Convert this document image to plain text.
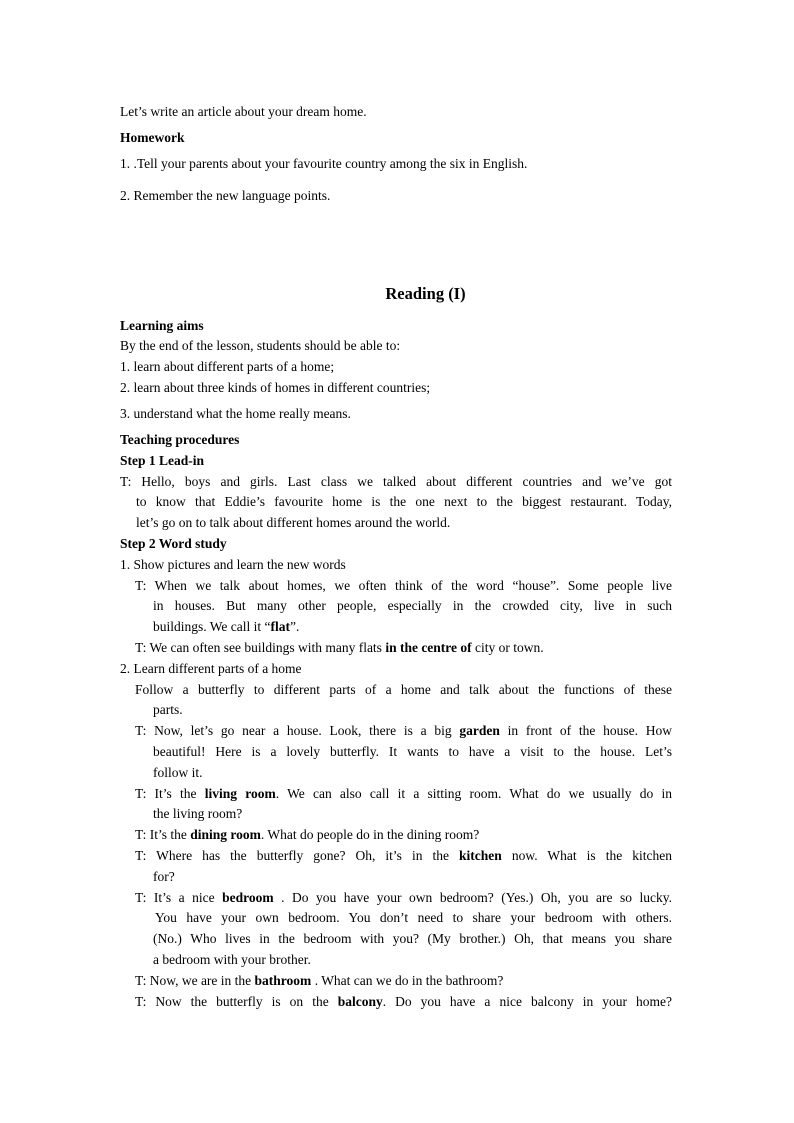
Let’s write an article about your dream home.
Homework
1. .Tell your parents about your favourite country among the six in English.
2. Remember the new language points.
Reading (I)
Learning aims
By the end of the lesson, students should be able to:
1. learn about different parts of a home;
2. learn about three kinds of homes in different countries;
3. understand what the home really means.
Teaching procedures
Step 1 Lead-in
T: Hello, boys and girls. Last class we talked about different countries and we’ve got
to know that Eddie’s favourite home is the one next to the biggest restaurant. Today,
let’s go on to talk about different homes around the world.
Step 2 Word study
1. Show pictures and learn the new words
T: When we talk about homes, we often think of the word “house”. Some people live
in houses. But many other people, especially in the crowded city, live in such
buildings. We call it “flat”.
T: We can often see buildings with many flats in the centre of city or town.
2. Learn different parts of a home
Follow a butterfly to different parts of a home and talk about the functions of these
parts.
T: Now, let’s go near a house. Look, there is a big garden in front of the house. How
beautiful! Here is a lovely butterfly. It wants to have a visit to the house. Let’s
follow it.
T: It’s the living room. We can also call it a sitting room. What do we usually do in
the living room?
T: It’s the dining room. What do people do in the dining room?
T: Where has the butterfly gone? Oh, it’s in the kitchen now. What is the kitchen
for?
T: It’s a nice bedroom . Do you have your own bedroom? (Yes.) Oh, you are so lucky.
You have your own bedroom. You don’t need to share your bedroom with others.
(No.) Who lives in the bedroom with you? (My brother.) Oh, that means you share
a bedroom with your brother.
T: Now, we are in the bathroom . What can we do in the bathroom?
T: Now the butterfly is on the balcony. Do you have a nice balcony in your home?
